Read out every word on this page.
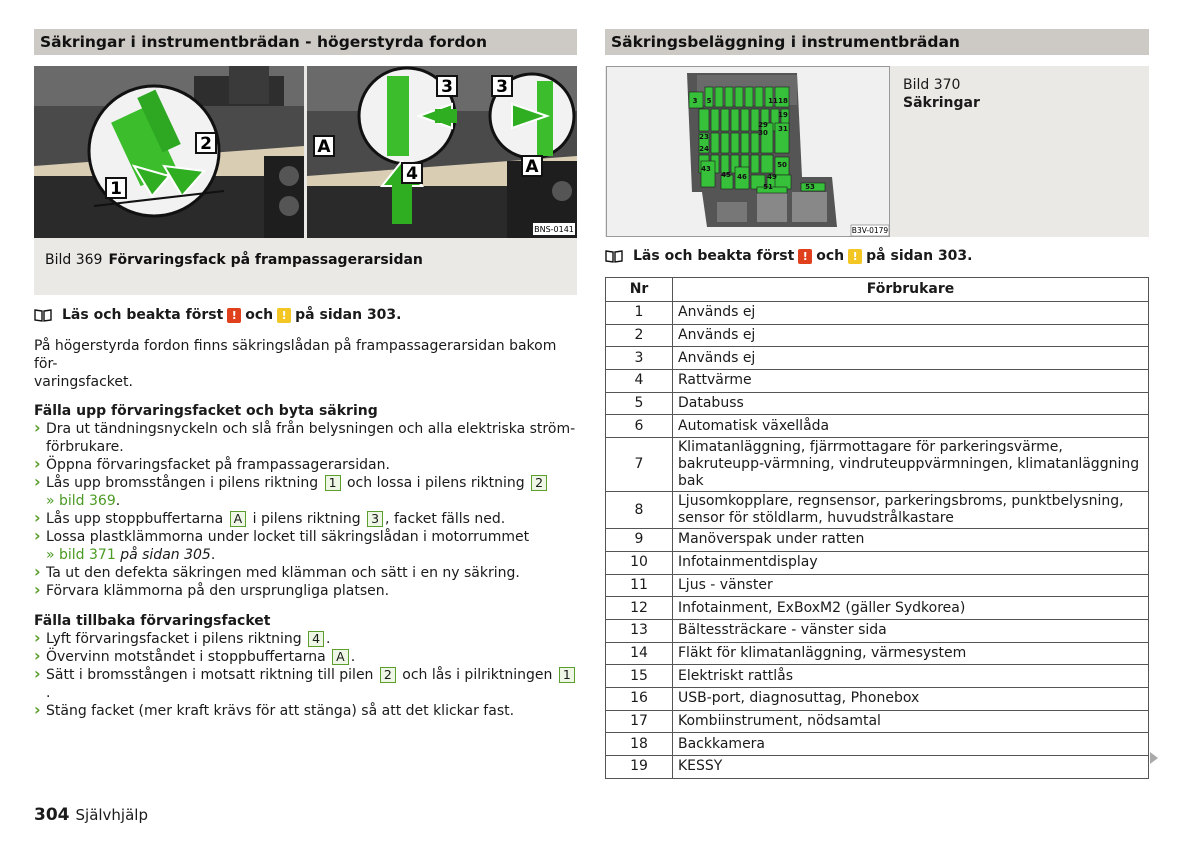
Säkringar i instrumentbrädan - högerstyrda fordon
1
2
3	3
4
A
A
BNS-0141
Bild 369 Förvaringsfack på frampassagerarsidan
Läs och beakta först ! och ! på sidan 303.
På högerstyrda fordon finns säkringslådan på frampassagerarsidan bakom för-
varingsfacket.
Fälla upp förvaringsfacket och byta säkring
› Dra ut tändningsnyckeln och slå från belysningen och alla elektriska ström-
förbrukare.
› Öppna förvaringsfacket på frampassagerarsidan.
› Lås upp bromsstången i pilens riktning 1 och lossa i pilens riktning 2
» bild 369.
› Lås upp stoppbuffertarna A i pilens riktning 3 , facket fälls ned.
› Lossa plastklämmorna under locket till säkringslådan i motorrummet
» bild 371 på sidan 305.
› Ta ut den defekta säkringen med klämman och sätt i en ny säkring.
› Förvara klämmorna på den ursprungliga platsen.
Fälla tillbaka förvaringsfacket
› Lyft förvaringsfacket i pilens riktning 4 .
› Övervinn motståndet i stoppbuffertarna A .
› Sätt i bromsstången i motsatt riktning till pilen 2 och lås i pilriktningen 1.
› Stäng facket (mer kraft krävs för att stänga) så att det klickar fast.
Säkringsbeläggning i instrumentbrädan
3 5	11 18
19
29
30 31
23
24
50
49
45 46
43
51	53
B3V-0179
Bild 370
Säkringar
Läs och beakta först ! och ! på sidan 303.
Nr	Förbrukare
1	Används ej
2	Används ej
3	Används ej
4	Rattvärme
5	Databuss
6	Automatisk växellåda
7	Klimatanläggning, fjärrmottagare för parkeringsvärme, bakruteupp-värmning, vindruteuppvärmningen, klimatanläggning bak
8	Ljusomkopplare, regnsensor, parkeringsbroms, punktbelysning, sensor för stöldlarm, huvudstrålkastare
9	Manöverspak under ratten
10	Infotainmentdisplay
11	Ljus - vänster
12	Infotainment, ExBoxM2 (gäller Sydkorea)
13	Bältessträckare - vänster sida
14	Fläkt för klimatanläggning, värmesystem
15	Elektriskt rattlås
16	USB-port, diagnosuttag, Phonebox
17	Kombiinstrument, nödsamtal
18	Backkamera
19	KESSY
304 Självhjälp
